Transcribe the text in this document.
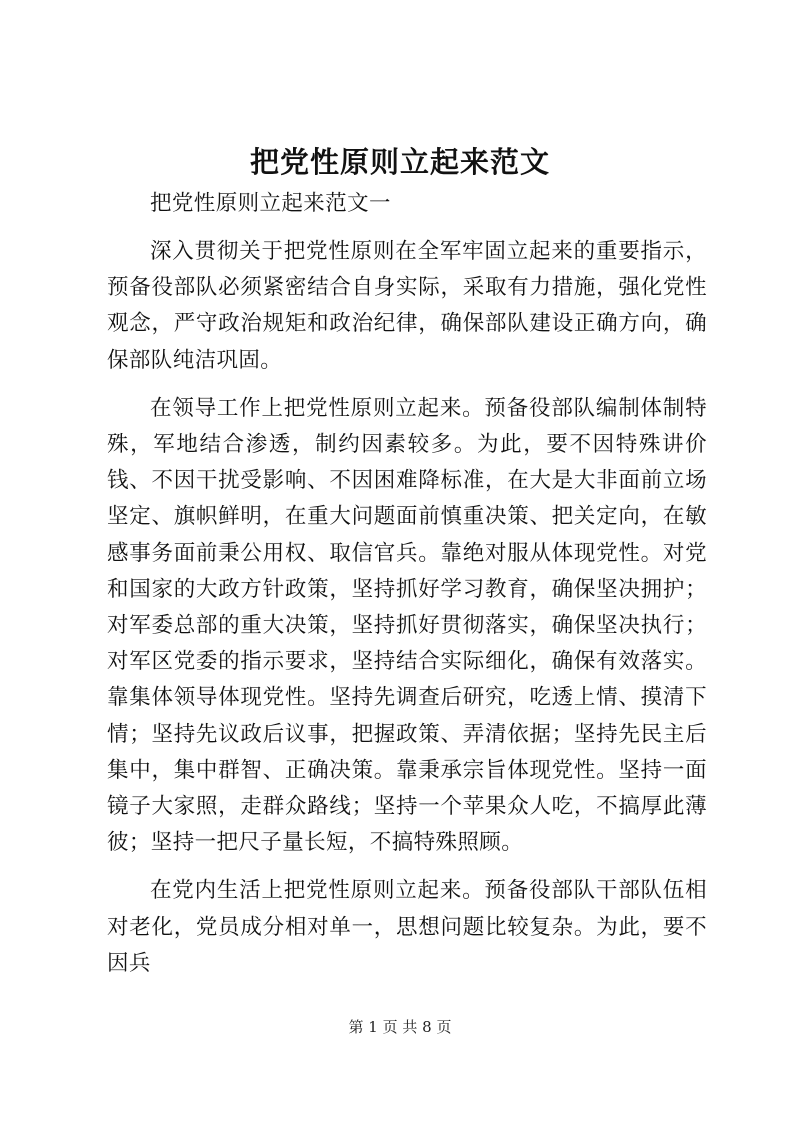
把党性原则立起来范文

把党性原则立起来范文一

深入贯彻关于把党性原则在全军牢固立起来的重要指示，预备役部队必须紧密结合自身实际，采取有力措施，强化党性观念，严守政治规矩和政治纪律，确保部队建设正确方向，确保部队纯洁巩固。

在领导工作上把党性原则立起来。预备役部队编制体制特殊，军地结合渗透，制约因素较多。为此，要不因特殊讲价钱、不因干扰受影响、不因困难降标准，在大是大非面前立场坚定、旗帜鲜明，在重大问题面前慎重决策、把关定向，在敏感事务面前秉公用权、取信官兵。靠绝对服从体现党性。对党和国家的大政方针政策，坚持抓好学习教育，确保坚决拥护；对军委总部的重大决策，坚持抓好贯彻落实，确保坚决执行；对军区党委的指示要求，坚持结合实际细化，确保有效落实。靠集体领导体现党性。坚持先调查后研究，吃透上情、摸清下情；坚持先议政后议事，把握政策、弄清依据；坚持先民主后集中，集中群智、正确决策。靠秉承宗旨体现党性。坚持一面镜子大家照，走群众路线；坚持一个苹果众人吃，不搞厚此薄彼；坚持一把尺子量长短，不搞特殊照顾。

在党内生活上把党性原则立起来。预备役部队干部队伍相对老化，党员成分相对单一，思想问题比较复杂。为此，要不因兵

第 1 页 共 8 页
